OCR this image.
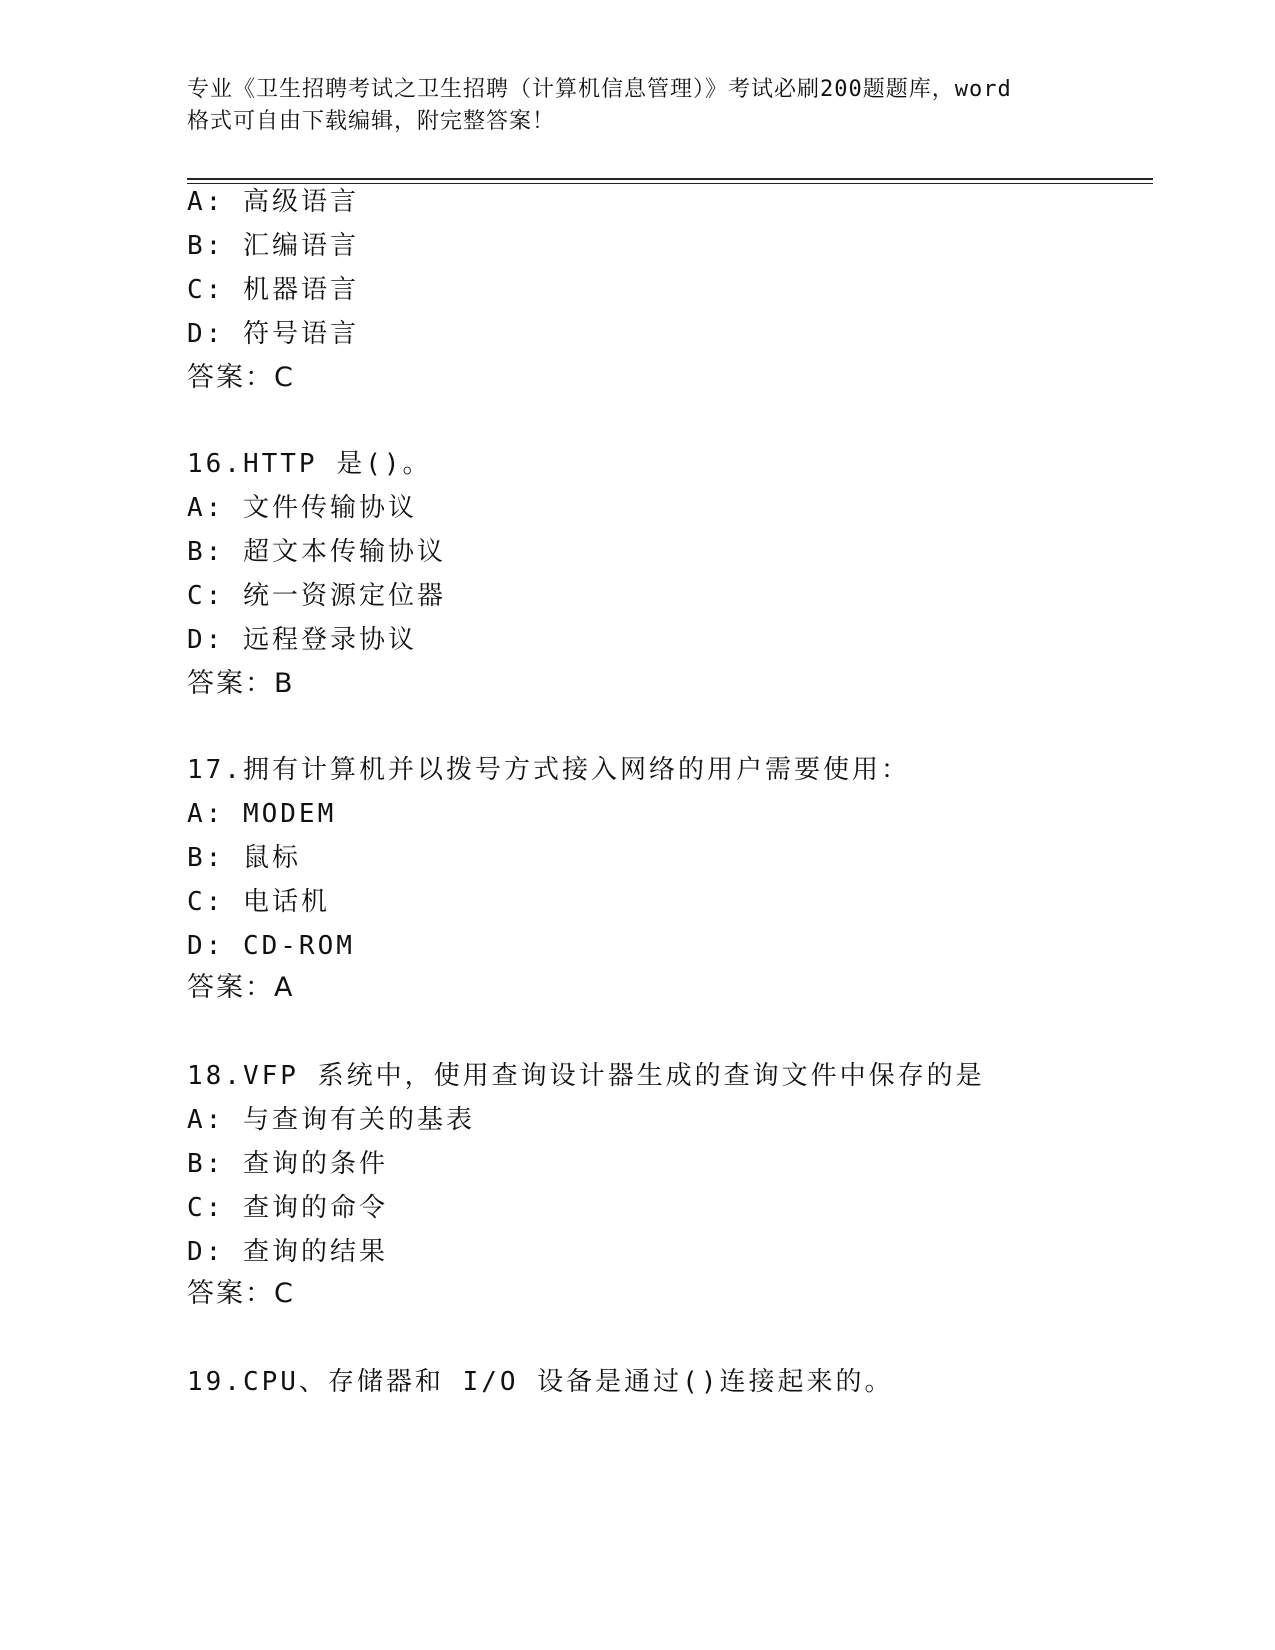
专业《卫生招聘考试之卫生招聘（计算机信息管理）》考试必刷200题题库，word
格式可自由下载编辑，附完整答案！
A: 高级语言
B: 汇编语言
C: 机器语言
D: 符号语言
答案：C
16.HTTP 是()。
A: 文件传输协议
B: 超文本传输协议
C: 统一资源定位器
D: 远程登录协议
答案：B
17.拥有计算机并以拨号方式接入网络的用户需要使用：
A: MODEM
B: 鼠标
C: 电话机
D: CD-ROM
答案：A
18.VFP 系统中，使用查询设计器生成的查询文件中保存的是
A: 与查询有关的基表
B: 查询的条件
C: 查询的命令
D: 查询的结果
答案：C
19.CPU、存储器和 I/O 设备是通过()连接起来的。
